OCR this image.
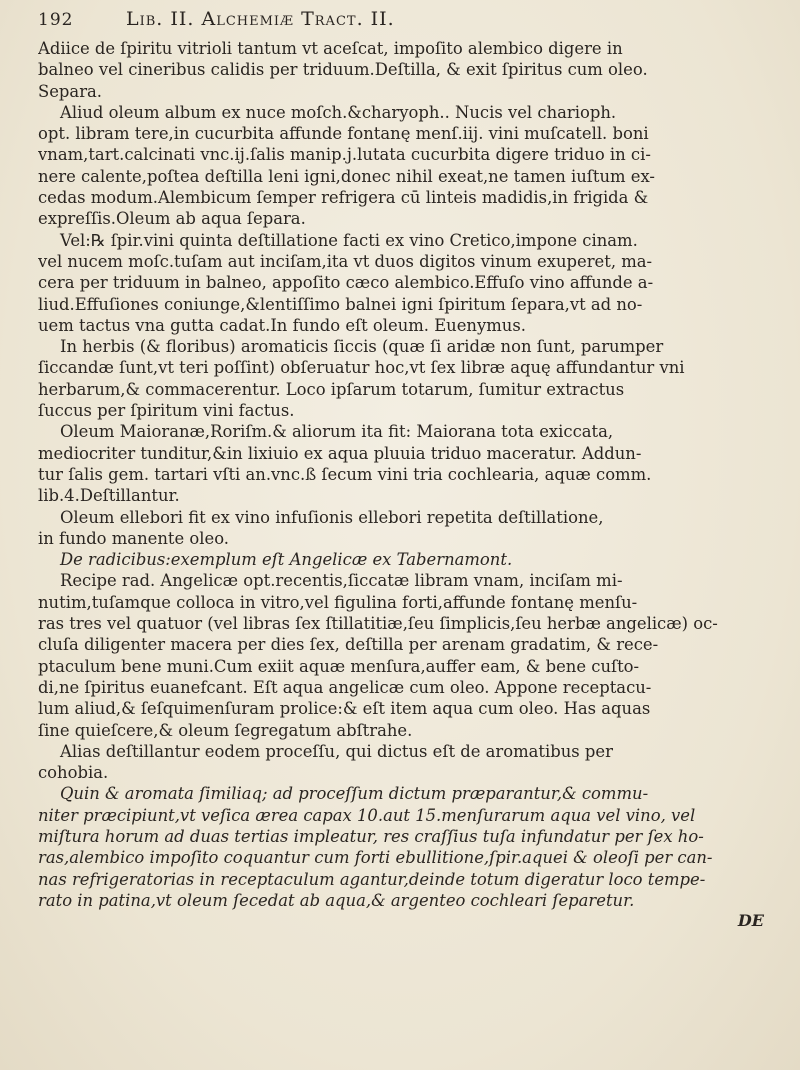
192	Lib. II. Alchemiæ Tract. II.
Adiice de ſpiritu vitrioli tantum vt aceſcat, impoſito alembico digere in
balneo vel cineribus calidis per triduum.Deſtilla, & exit ſpiritus cum oleo.
Separa.
Aliud oleum album ex nuce moſch.&charyoph.. Nucis vel charioph.
opt. libram tere,in cucurbita affunde fontanę menſ.iij. vini muſcatell. boni
vnam,tart.calcinati vnc.ij.ſalis manip.j.lutata cucurbita digere triduo in ci-
nere calente,poſtea deſtilla leni igni,donec nihil exeat,ne tamen iuſtum ex-
cedas modum.Alembicum ſemper refrigera cū linteis madidis,in frigida &
expreſſis.Oleum ab aqua ſepara.
Vel:℞ ſpir.vini quinta deſtillatione facti ex vino Cretico,impone cinam.
vel nucem moſc.tuſam aut inciſam,ita vt duos digitos vinum exuperet, ma-
cera per triduum in balneo, appoſito cæco alembico.Effuſo vino affunde a-
liud.Effuſiones coniunge,&lentiſſimo balnei igni ſpiritum ſepara,vt ad no-
uem tactus vna gutta cadat.In fundo eſt oleum. Euenymus.
In herbis (& floribus) aromaticis ſiccis (quæ ſi aridæ non ſunt, parumper
ſiccandæ ſunt,vt teri poſſint) obſeruatur hoc,vt ſex libræ aquę affundantur vni
herbarum,& commacerentur. Loco ipſarum totarum, ſumitur extractus
ſuccus per ſpiritum vini factus.
Oleum Maioranæ,Roriſm.& aliorum ita fit: Maiorana tota exiccata,
mediocriter tunditur,&in lixiuio ex aqua pluuia triduo maceratur. Addun-
tur ſalis gem. tartari vſti an.vnc.ß ſecum vini tria cochlearia, aquæ comm.
lib.4.Deſtillantur.
Oleum ellebori fit ex vino infuſionis ellebori repetita deſtillatione,
in fundo manente oleo.
De radicibus:exemplum eſt Angelicæ ex Tabernamont.
Recipe rad. Angelicæ opt.recentis,ſiccatæ libram vnam, inciſam mi-
nutim,tuſamque colloca in vitro,vel figulina forti,affunde fontanę menſu-
ras tres vel quatuor (vel libras ſex ſtillatitiæ,ſeu ſimplicis,ſeu herbæ angelicæ) oc-
cluſa diligenter macera per dies ſex, deſtilla per arenam gradatim, & rece-
ptaculum bene muni.Cum exiit aquæ menſura,auffer eam, & bene cuſto-
di,ne ſpiritus euanefcant. Eſt aqua angelicæ cum oleo. Appone receptacu-
lum aliud,& ſeſquimenſuram prolice:& eſt item aqua cum oleo. Has aquas
ſine quieſcere,& oleum ſegregatum abſtrahe.
Alias deſtillantur eodem proceſſu, qui dictus eſt de aromatibus per
cohobia.
Quin & aromata ſimiliaq; ad proceſſum dictum præparantur,& commu-
niter præcipiunt,vt veſica ærea capax 10.aut 15.menſurarum aqua vel vino, vel
miſtura horum ad duas tertias impleatur, res craſſius tuſa infundatur per ſex ho-
ras,alembico impoſito coquantur cum forti ebullitione,ſpir.aquei & oleoſi per can-
nas refrigeratorias in receptaculum agantur,deinde totum digeratur loco tempe-
rato in patina,vt oleum ſecedat ab aqua,& argenteo cochleari ſeparetur.
DE
